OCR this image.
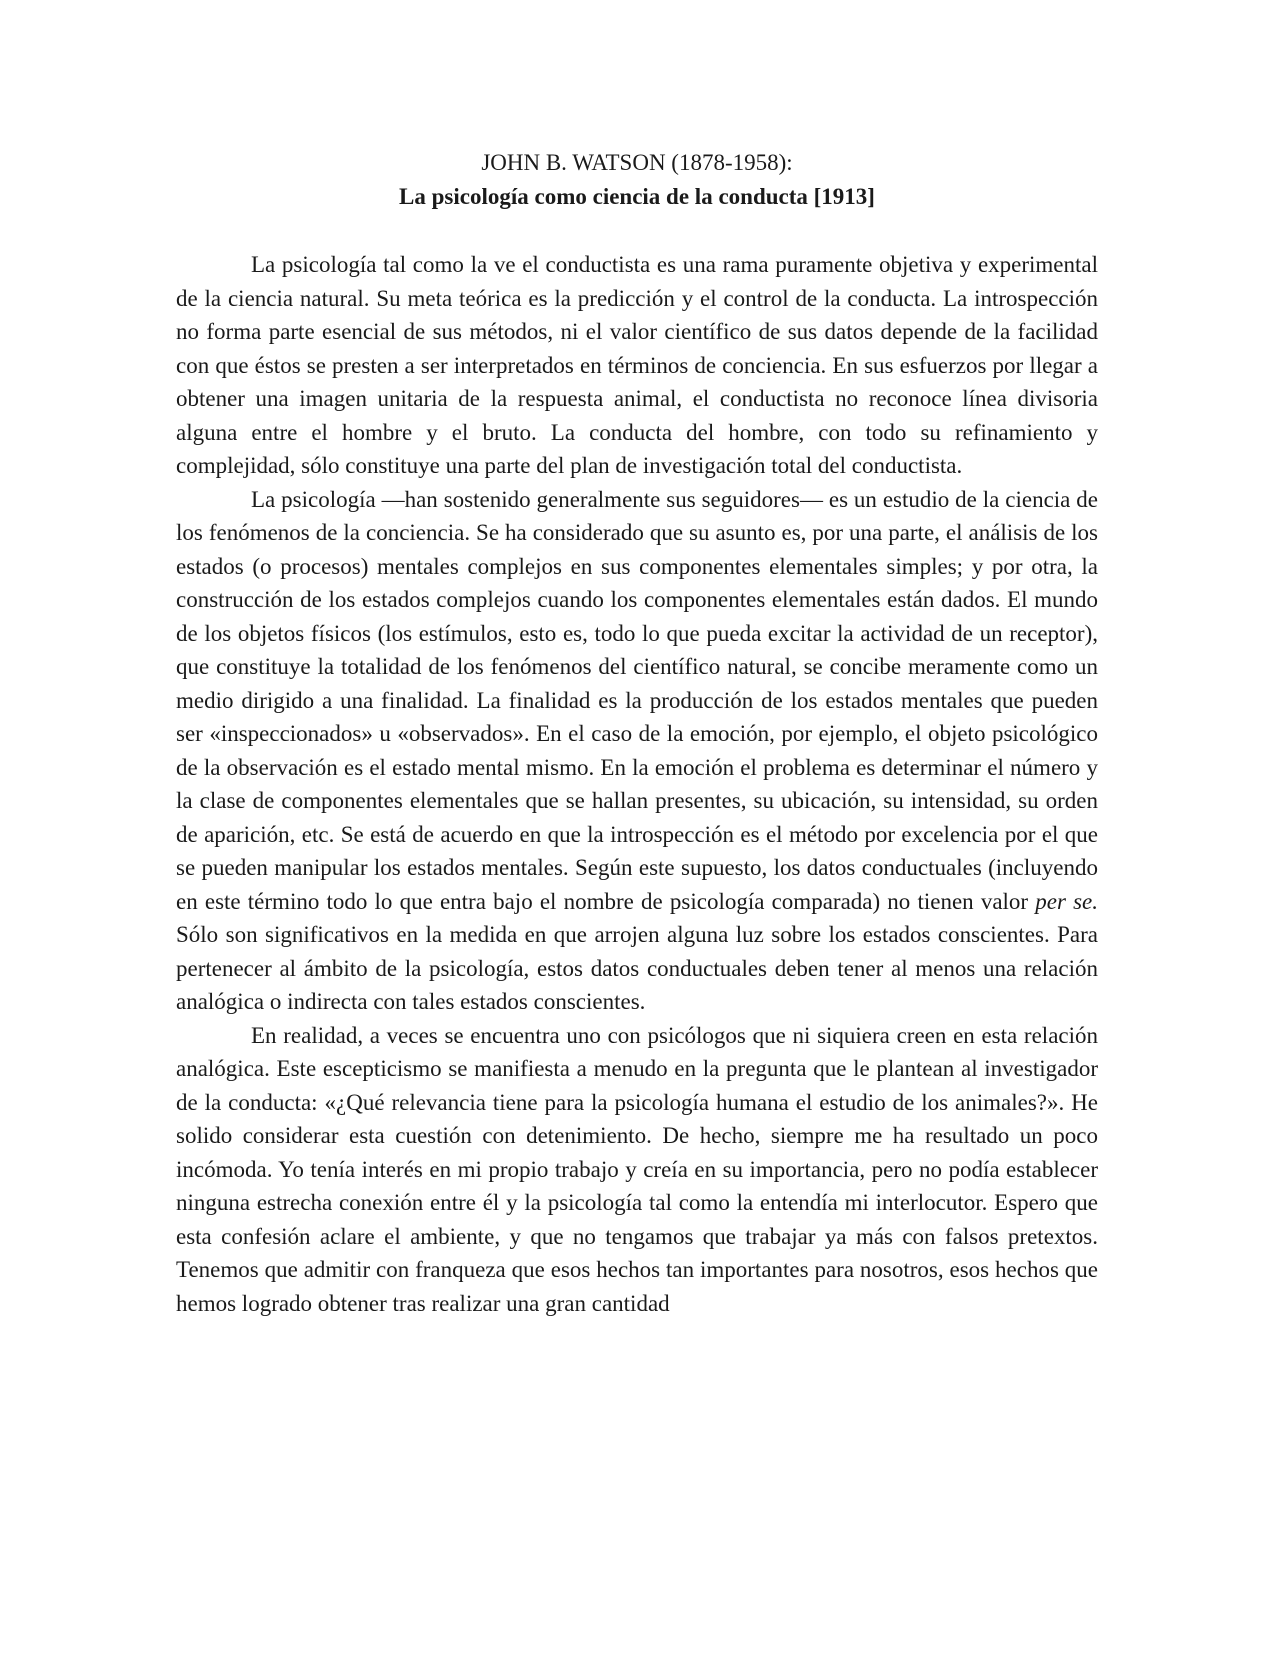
JOHN B. WATSON (1878-1958):

La psicología como ciencia de la conducta [1913]

La psicología tal como la ve el conductista es una rama puramente objetiva y experimental de la ciencia natural. Su meta teórica es la predicción y el control de la conducta. La introspección no forma parte esencial de sus métodos, ni el valor científico de sus datos depende de la facilidad con que éstos se presten a ser interpretados en términos de conciencia. En sus esfuerzos por llegar a obtener una imagen unitaria de la respuesta animal, el conductista no reconoce línea divisoria alguna entre el hombre y el bruto. La conducta del hombre, con todo su refinamiento y complejidad, sólo constituye una parte del plan de investigación total del conductista.

La psicología —han sostenido generalmente sus seguidores— es un estudio de la ciencia de los fenómenos de la conciencia. Se ha considerado que su asunto es, por una parte, el análisis de los estados (o procesos) mentales complejos en sus componentes elementales simples; y por otra, la construcción de los estados complejos cuando los componentes elementales están dados. El mundo de los objetos físicos (los estímulos, esto es, todo lo que pueda excitar la actividad de un receptor), que constituye la totalidad de los fenómenos del científico natural, se concibe meramente como un medio dirigido a una finalidad. La finalidad es la producción de los estados mentales que pueden ser «inspeccionados» u «observados». En el caso de la emoción, por ejemplo, el objeto psicológico de la observación es el estado mental mismo. En la emoción el problema es determinar el número y la clase de componentes elementales que se hallan presentes, su ubicación, su intensidad, su orden de aparición, etc. Se está de acuerdo en que la introspección es el método por excelencia por el que se pueden manipular los estados mentales. Según este supuesto, los datos conductuales (incluyendo en este término todo lo que entra bajo el nombre de psicología comparada) no tienen valor per se. Sólo son significativos en la medida en que arrojen alguna luz sobre los estados conscientes. Para pertenecer al ámbito de la psicología, estos datos conductuales deben tener al menos una relación analógica o indirecta con tales estados conscientes.

En realidad, a veces se encuentra uno con psicólogos que ni siquiera creen en esta relación analógica. Este escepticismo se manifiesta a menudo en la pregunta que le plantean al investigador de la conducta: «¿Qué relevancia tiene para la psicología humana el estudio de los animales?». He solido considerar esta cuestión con detenimiento. De hecho, siempre me ha resultado un poco incómoda. Yo tenía interés en mi propio trabajo y creía en su importancia, pero no podía establecer ninguna estrecha conexión entre él y la psicología tal como la entendía mi interlocutor. Espero que esta confesión aclare el ambiente, y que no tengamos que trabajar ya más con falsos pretextos. Tenemos que admitir con franqueza que esos hechos tan importantes para nosotros, esos hechos que hemos logrado obtener tras realizar una gran cantidad
